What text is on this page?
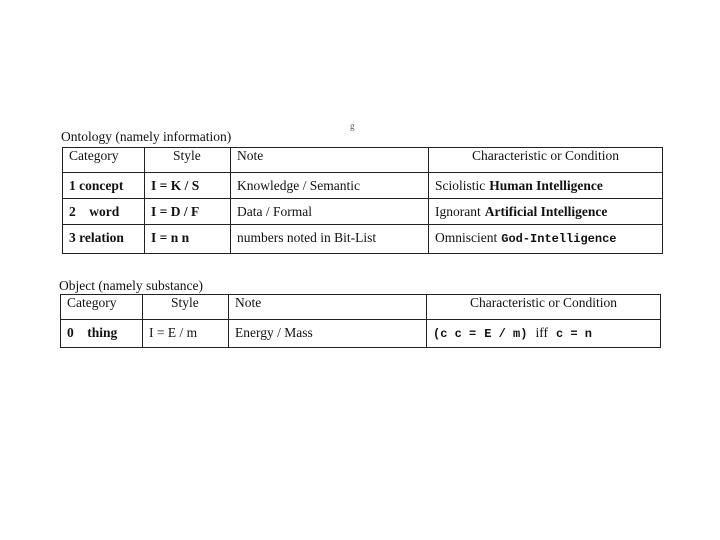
g
Ontology (namely information)
Category	Style	Note	Characteristic or Condition
1 concept	I = K / S	Knowledge / Semantic	Sciolistic Human Intelligence
2    word	I = D / F	Data / Formal	Ignorant Artificial Intelligence
3 relation	I = n n	numbers noted in Bit-List	Omniscient God-Intelligence
Object (namely substance)
Category	Style	Note	Characteristic or Condition
0    thing	I = E / m	Energy / Mass	(c c = E / m) iff c = n
